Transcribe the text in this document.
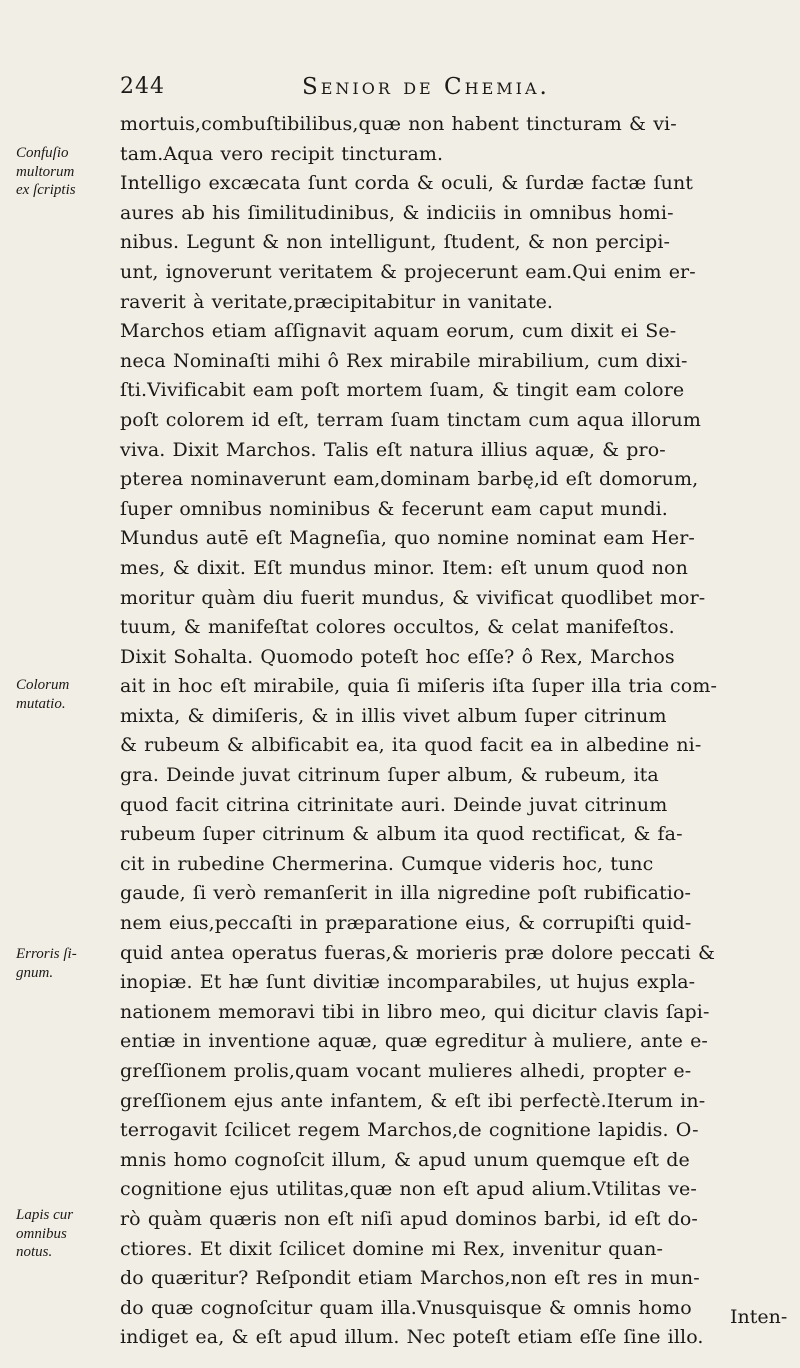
244	Senior de Chemia.
mortuis,combuſtibilibus,quæ non habent tincturam & vi-
tam.Aqua vero recipit tincturam.
Intelligo excæcata ſunt corda & oculi, & ſurdæ factæ ſunt
aures ab his ſimilitudinibus, & indiciis in omnibus homi-
nibus. Legunt & non intelligunt, ſtudent, & non percipi-
unt, ignoverunt veritatem & projecerunt eam.Qui enim er-
raverit à veritate,præcipitabitur in vanitate.
Marchos etiam aſſignavit aquam eorum, cum dixit ei Se-
neca Nominaſti mihi ô Rex mirabile mirabilium, cum dixi-
ſti.Vivificabit eam poſt mortem ſuam, & tingit eam colore
poſt colorem id eſt, terram ſuam tinctam cum aqua illorum
viva. Dixit Marchos. Talis eſt natura illius aquæ, & pro-
pterea nominaverunt eam,dominam barbę,id eſt domorum,
ſuper omnibus nominibus & fecerunt eam caput mundi.
Mundus autē eſt Magneſia, quo nomine nominat eam Her-
mes, & dixit. Eſt mundus minor. Item: eſt unum quod non
moritur quàm diu fuerit mundus, & vivificat quodlibet mor-
tuum, & manifeſtat colores occultos, & celat manifeſtos.
Dixit Sohalta. Quomodo poteſt hoc eſſe? ô Rex, Marchos
ait in hoc eſt mirabile, quia ſi miſeris iſta ſuper illa tria com-
mixta, & dimiſeris, & in illis vivet album ſuper citrinum
& rubeum & albificabit ea, ita quod facit ea in albedine ni-
gra. Deinde juvat citrinum ſuper album, & rubeum, ita
quod facit citrina citrinitate auri. Deinde juvat citrinum
rubeum ſuper citrinum & album ita quod rectificat, & fa-
cit in rubedine Chermerina. Cumque videris hoc, tunc
gaude, ſi verò remanſerit in illa nigredine poſt rubificatio-
nem eius,peccaſti in præparatione eius, & corrupiſti quid-
quid antea operatus fueras,& morieris præ dolore peccati &
inopiæ. Et hæ ſunt divitiæ incomparabiles, ut hujus expla-
nationem memoravi tibi in libro meo, qui dicitur clavis ſapi-
entiæ in inventione aquæ, quæ egreditur à muliere, ante e-
greſſionem prolis,quam vocant mulieres alhedi, propter e-
greſſionem ejus ante infantem, & eſt ibi perfectè.Iterum in-
terrogavit ſcilicet regem Marchos,de cognitione lapidis. O-
mnis homo cognoſcit illum, & apud unum quemque eſt de
cognitione ejus utilitas,quæ non eſt apud alium.Vtilitas ve-
rò quàm quæris non eſt niſi apud dominos barbi, id eſt do-
ctiores. Et dixit ſcilicet domine mi Rex, invenitur quan-
do quæritur? Reſpondit etiam Marchos,non eſt res in mun-
do quæ cognoſcitur quam illa.Vnusquisque & omnis homo
indiget ea, & eſt apud illum. Nec poteſt etiam eſſe ſine illo.
Confuſio
multorum
ex ſcriptis
Colorum
mutatio.
Erroris ſi-
gnum.
Lapis cur
omnibus
notus.
Inten-
